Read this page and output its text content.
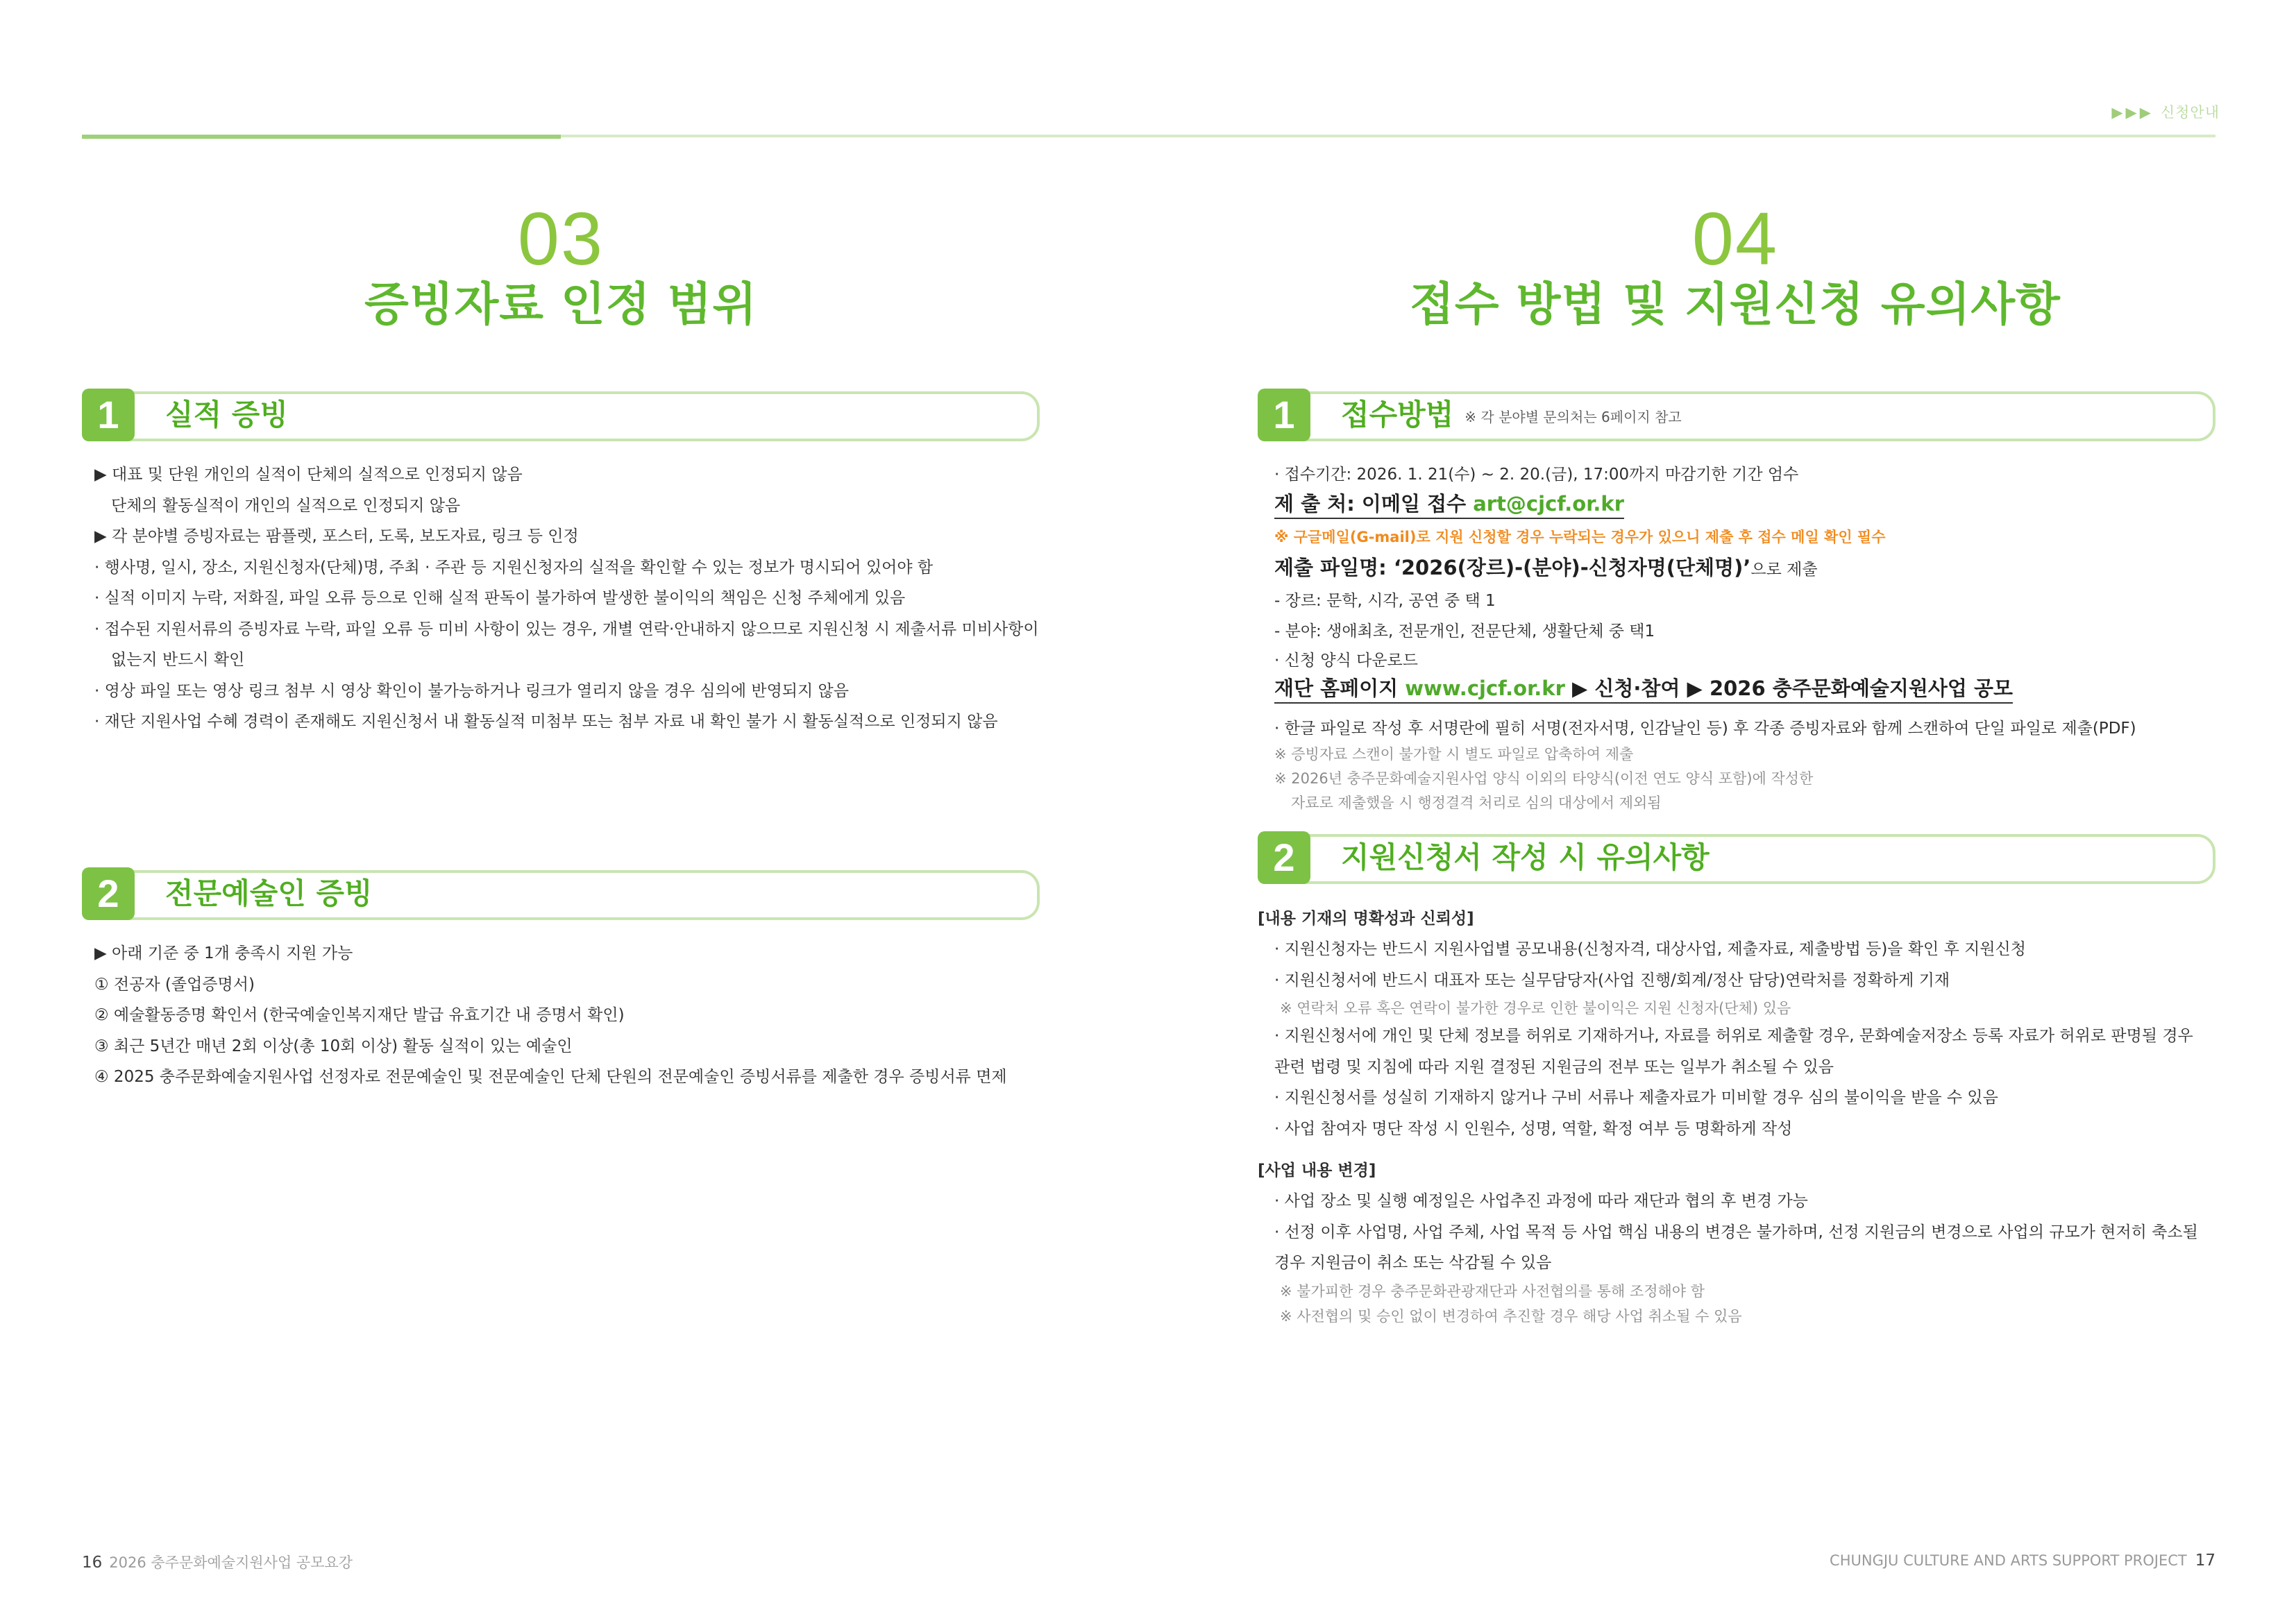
▶▶▶ 신청안내
03
증빙자료 인정 범위
1	실적 증빙
▶ 대표 및 단원 개인의 실적이 단체의 실적으로 인정되지 않음
단체의 활동실적이 개인의 실적으로 인정되지 않음
▶ 각 분야별 증빙자료는 팜플렛, 포스터, 도록, 보도자료, 링크 등 인정
· 행사명, 일시, 장소, 지원신청자(단체)명, 주최 · 주관 등 지원신청자의 실적을 확인할 수 있는 정보가 명시되어 있어야 함
· 실적 이미지 누락, 저화질, 파일 오류 등으로 인해 실적 판독이 불가하여 발생한 불이익의 책임은 신청 주체에게 있음
· 접수된 지원서류의 증빙자료 누락, 파일 오류 등 미비 사항이 있는 경우, 개별 연락·안내하지 않으므로 지원신청 시 제출서류 미비사항이
없는지 반드시 확인
· 영상 파일 또는 영상 링크 첨부 시 영상 확인이 불가능하거나 링크가 열리지 않을 경우 심의에 반영되지 않음
· 재단 지원사업 수혜 경력이 존재해도 지원신청서 내 활동실적 미첨부 또는 첨부 자료 내 확인 불가 시 활동실적으로 인정되지 않음
2	전문예술인 증빙
▶ 아래 기준 중 1개 충족시 지원 가능
① 전공자 (졸업증명서)
② 예술활동증명 확인서 (한국예술인복지재단 발급 유효기간 내 증명서 확인)
③ 최근 5년간 매년 2회 이상(총 10회 이상) 활동 실적이 있는 예술인
④ 2025 충주문화예술지원사업 선정자로 전문예술인 및 전문예술인 단체 단원의 전문예술인 증빙서류를 제출한 경우 증빙서류 면제
04
접수 방법 및 지원신청 유의사항
1	접수방법 ※ 각 분야별 문의처는 6페이지 참고
· 접수기간: 2026. 1. 21(수) ~ 2. 20.(금), 17:00까지 마감기한 기간 엄수
제 출 처: 이메일 접수 art@cjcf.or.kr
※ 구글메일(G-mail)로 지원 신청할 경우 누락되는 경우가 있으니 제출 후 접수 메일 확인 필수
제출 파일명: ‘2026(장르)-(분야)-신청자명(단체명)’으로 제출
- 장르: 문학, 시각, 공연 중 택 1
- 분야: 생애최초, 전문개인, 전문단체, 생활단체 중 택1
· 신청 양식 다운로드
재단 홈페이지 www.cjcf.or.kr ▶ 신청·참여 ▶ 2026 충주문화예술지원사업 공모
· 한글 파일로 작성 후 서명란에 필히 서명(전자서명, 인감날인 등) 후 각종 증빙자료와 함께 스캔하여 단일 파일로 제출(PDF)
※ 증빙자료 스캔이 불가할 시 별도 파일로 압축하여 제출
※ 2026년 충주문화예술지원사업 양식 이외의 타양식(이전 연도 양식 포함)에 작성한
자료로 제출했을 시 행정결격 처리로 심의 대상에서 제외됨
2	지원신청서 작성 시 유의사항
[내용 기재의 명확성과 신뢰성]
· 지원신청자는 반드시 지원사업별 공모내용(신청자격, 대상사업, 제출자료, 제출방법 등)을 확인 후 지원신청
· 지원신청서에 반드시 대표자 또는 실무담당자(사업 진행/회계/정산 담당)연락처를 정확하게 기재
※ 연락처 오류 혹은 연락이 불가한 경우로 인한 불이익은 지원 신청자(단체) 있음
· 지원신청서에 개인 및 단체 정보를 허위로 기재하거나, 자료를 허위로 제출할 경우, 문화예술저장소 등록 자료가 허위로 판명될 경우
관련 법령 및 지침에 따라 지원 결정된 지원금의 전부 또는 일부가 취소될 수 있음
· 지원신청서를 성실히 기재하지 않거나 구비 서류나 제출자료가 미비할 경우 심의 불이익을 받을 수 있음
· 사업 참여자 명단 작성 시 인원수, 성명, 역할, 확정 여부 등 명확하게 작성
[사업 내용 변경]
· 사업 장소 및 실행 예정일은 사업추진 과정에 따라 재단과 협의 후 변경 가능
· 선정 이후 사업명, 사업 주체, 사업 목적 등 사업 핵심 내용의 변경은 불가하며, 선정 지원금의 변경으로 사업의 규모가 현저히 축소될
경우 지원금이 취소 또는 삭감될 수 있음
※ 불가피한 경우 충주문화관광재단과 사전협의를 통해 조정해야 함
※ 사전협의 및 승인 없이 변경하여 추진할 경우 해당 사업 취소될 수 있음
16 2026 충주문화예술지원사업 공모요강	CHUNGJU CULTURE AND ARTS SUPPORT PROJECT 17
